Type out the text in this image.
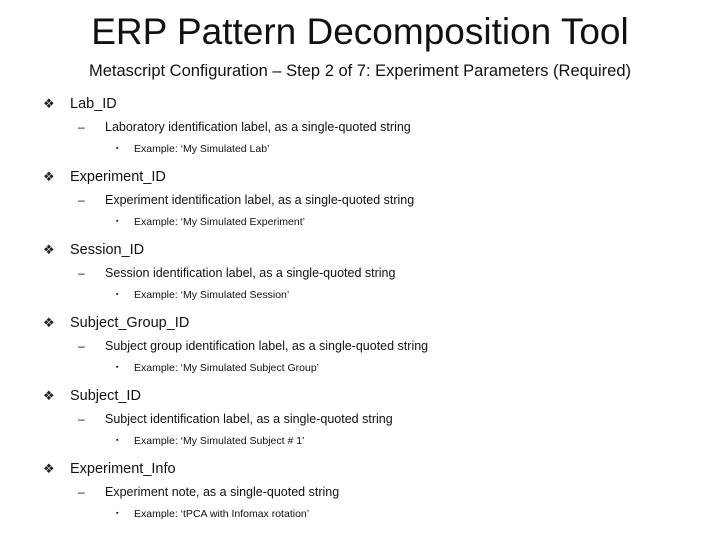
ERP Pattern Decomposition Tool
Metascript Configuration – Step 2 of 7: Experiment Parameters (Required)
❖	Lab_ID
–	Laboratory identification label, as a single-quoted string
▪	Example: ‘My Simulated Lab’
❖	Experiment_ID
–	Experiment identification label, as a single-quoted string
▪	Example: ‘My Simulated Experiment’
❖	Session_ID
–	Session identification label, as a single-quoted string
▪	Example: ‘My Simulated Session’
❖	Subject_Group_ID
–	Subject group identification label, as a single-quoted string
▪	Example: ‘My Simulated Subject Group’
❖	Subject_ID
–	Subject identification label, as a single-quoted string
▪	Example: ‘My Simulated Subject # 1’
❖	Experiment_Info
–	Experiment note, as a single-quoted string
▪	Example: ‘tPCA with Infomax rotation’
